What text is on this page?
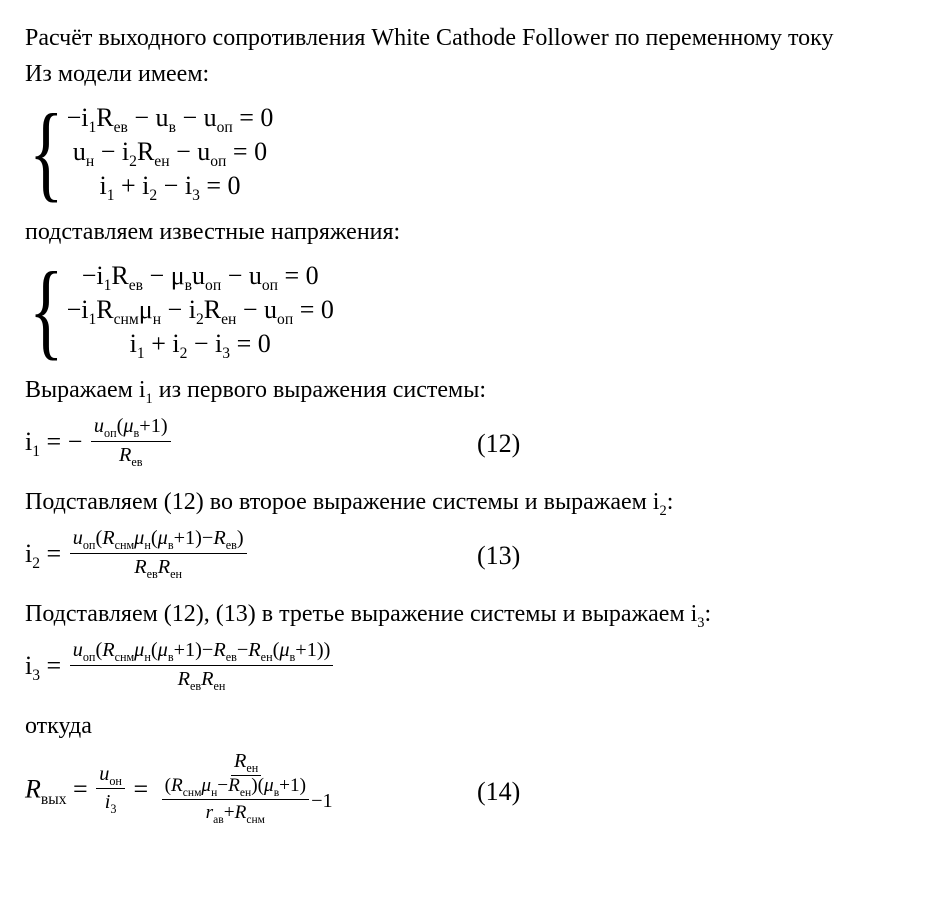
Расчёт выходного сопротивления White Cathode Follower по переменному току

Из модели имеем:

{ $-i_1R_{ев} - u_в - u_{оп} = 0$
$u_н - i_2R_{ен} - u_{оп} = 0$
$i_1 + i_2 - i_3 = 0$

подставляем известные напряжения:

{ $-i_1R_{ев} - \mu_вu_{оп} - u_{оп} = 0$
$-i_1R_{снм}\mu_н - i_2R_{ен} - u_{оп} = 0$
$i_1 + i_2 - i_3 = 0$

Выражаем $i_1$ из первого выражения системы:

$i_1$ = − $\frac{u_{оп}(\mu_в+1)}{R_{ев}}$	(12)

Подставляем (12) во второе выражение системы и выражаем $i_2$:

$i_2 = \frac{u_{оп}(R_{снм}\mu_н(\mu_в+1)-R_{ев})}{R_{ев}R_{ен}}$	(13)

Подставляем (12), (13) в третье выражение системы и выражаем $i_3$:

$i_3 = \frac{u_{оп}(R_{снм}\mu_н(\mu_в+1)-R_{ев}-R_{ен}(\mu_в+1))}{R_{ев}R_{ен}}$

откуда

$R_{вых} = \frac{u_{он}}{i_3} = \frac{R_{ен}}{\frac{(R_{снм}\mu_н-R_{ен})(\mu_в+1)}{r_{ав}+R_{снм}} -1}$	(14)
